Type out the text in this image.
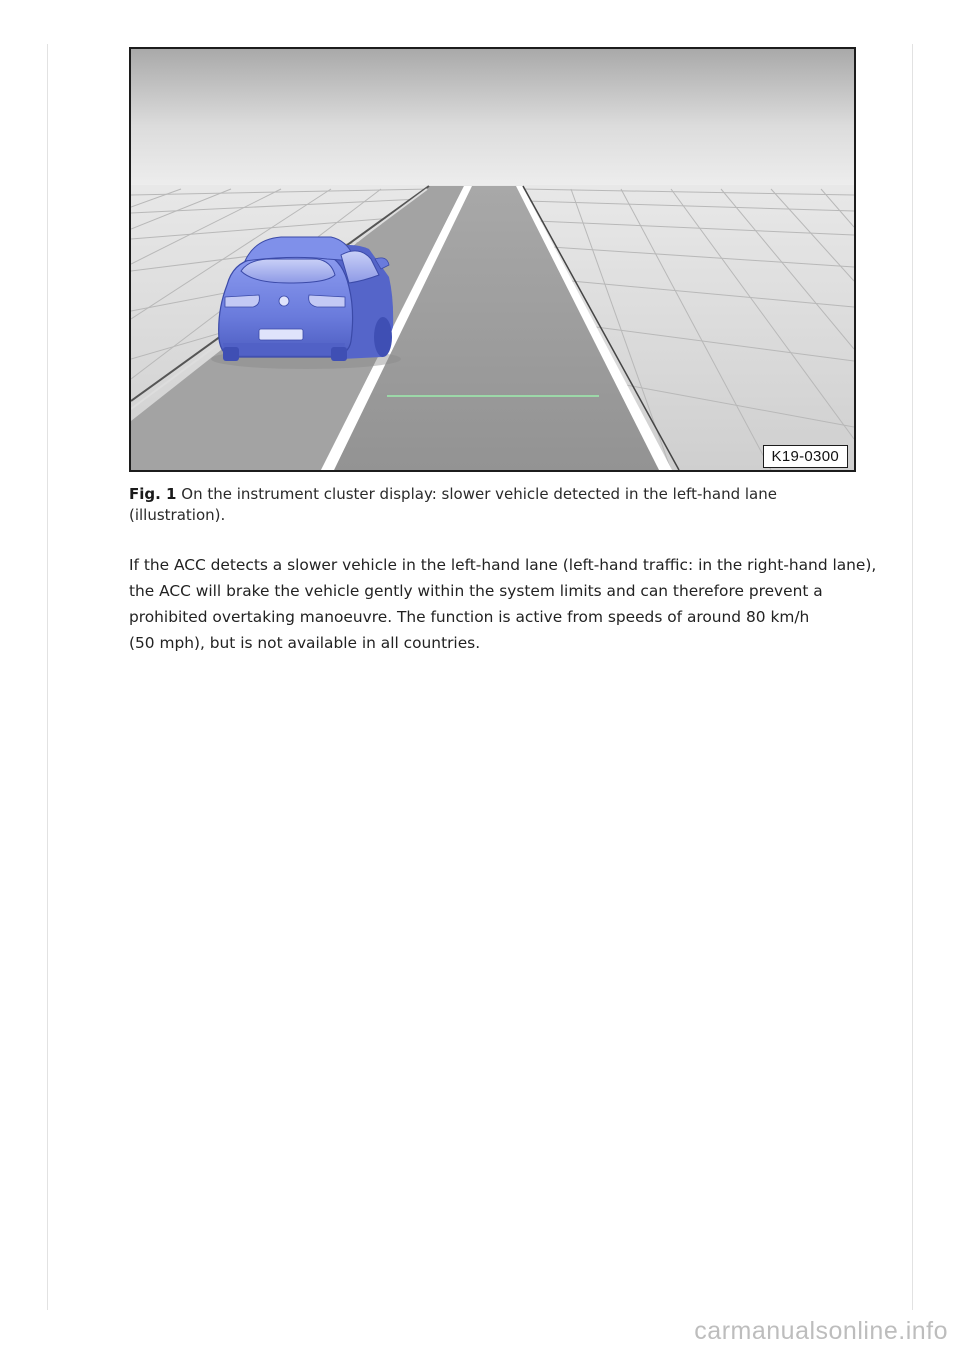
K19-0300
Fig. 1 On the instrument cluster display: slower vehicle detected in the left-hand lane
(illustration).
If the ACC detects a slower vehicle in the left-hand lane (left-hand traffic: in the right-hand lane),
the ACC will brake the vehicle gently within the system limits and can therefore prevent a
prohibited overtaking manoeuvre. The function is active from speeds of around 80 km/h
(50 mph), but is not available in all countries.
carmanualsonline.info
